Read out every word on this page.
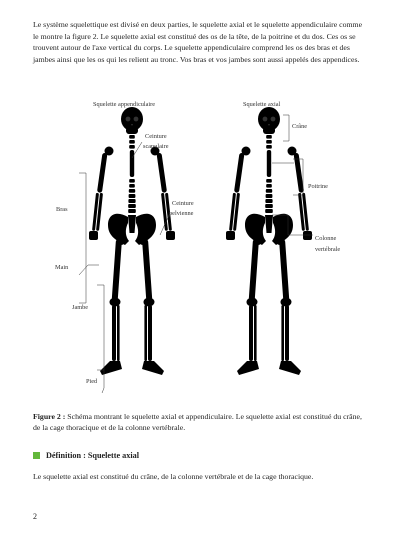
Le système squelettique est divisé en deux parties, le squelette axial et le squelette appendiculaire comme le montre la figure 2. Le squelette axial est constitué des os de la tête, de la poitrine et du dos. Ces os se trouvent autour de l'axe vertical du corps. Le squelette appendiculaire comprend les os des bras et des jambes ainsi que les os qui les relient au tronc. Vos bras et vos jambes sont aussi appelés des appendices.

Squelette appendiculaire	Squelette axial
Ceinture
scapulaire
Ceinture
pelvienne
Bras
Main
Jambe
Pied
Crâne
Poitrine
Colonne
vertébrale

Figure 2 : Schéma montrant le squelette axial et appendiculaire. Le squelette axial est constitué du crâne, de la cage thoracique et de la colonne vertébrale.

Définition : Squelette axial

Le squelette axial est constitué du crâne, de la colonne vertébrale et de la cage thoracique.

2
